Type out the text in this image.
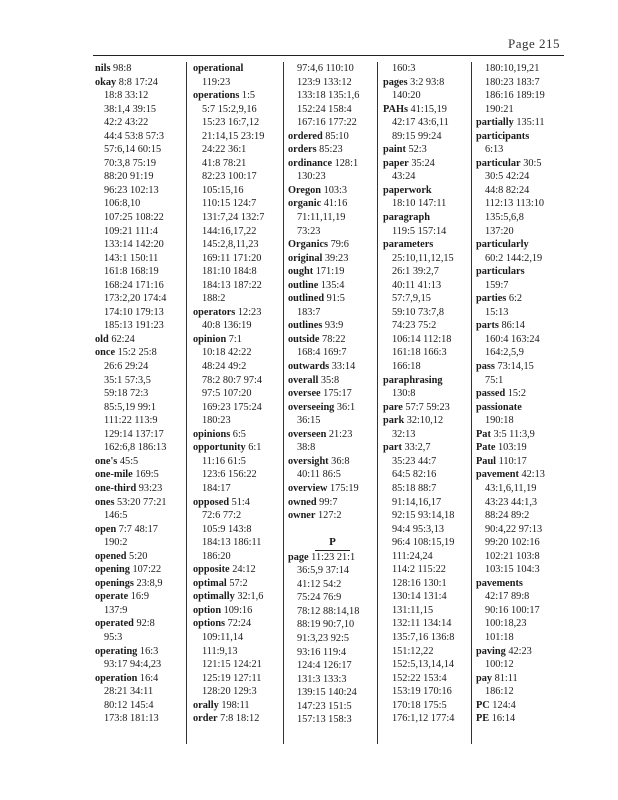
Page 215
nils 98:8
okay 8:8 17:24
18:8 33:12
38:1,4 39:15
42:2 43:22
44:4 53:8 57:3
57:6,14 60:15
70:3,8 75:19
88:20 91:19
96:23 102:13
106:8,10
107:25 108:22
109:21 111:4
133:14 142:20
143:1 150:11
161:8 168:19
168:24 171:16
173:2,20 174:4
174:10 179:13
185:13 191:23
old 62:24
once 15:2 25:8
26:6 29:24
35:1 57:3,5
59:18 72:3
85:5,19 99:1
111:22 113:9
129:14 137:17
162:6,8 186:13
one's 45:5
one-mile 169:5
one-third 93:23
ones 53:20 77:21
146:5
open 7:7 48:17
190:2
opened 5:20
opening 107:22
openings 23:8,9
operate 16:9
137:9
operated 92:8
95:3
operating 16:3
93:17 94:4,23
operation 16:4
28:21 34:11
80:12 145:4
173:8 181:13
operational
119:23
operations 1:5
5:7 15:2,9,16
15:23 16:7,12
21:14,15 23:19
24:22 36:1
41:8 78:21
82:23 100:17
105:15,16
110:15 124:7
131:7,24 132:7
144:16,17,22
145:2,8,11,23
169:11 171:20
181:10 184:8
184:13 187:22
188:2
operators 12:23
40:8 136:19
opinion 7:1
10:18 42:22
48:24 49:2
78:2 80:7 97:4
97:5 107:20
169:23 175:24
180:23
opinions 6:5
opportunity 6:1
11:16 61:5
123:6 156:22
184:17
opposed 51:4
72:6 77:2
105:9 143:8
184:13 186:11
186:20
opposite 24:12
optimal 57:2
optimally 32:1,6
option 109:16
options 72:24
109:11,14
111:9,13
121:15 124:21
125:19 127:11
128:20 129:3
orally 198:11
order 7:8 18:12
97:4,6 110:10
123:9 133:12
133:18 135:1,6
152:24 158:4
167:16 177:22
ordered 85:10
orders 85:23
ordinance 128:1
130:23
Oregon 103:3
organic 41:16
71:11,11,19
73:23
Organics 79:6
original 39:23
ought 171:19
outline 135:4
outlined 91:5
183:7
outlines 93:9
outside 78:22
168:4 169:7
outwards 33:14
overall 35:8
oversee 175:17
overseeing 36:1
36:15
overseen 21:23
38:8
oversight 36:8
40:11 86:5
overview 175:19
owned 99:7
owner 127:2

P
page 11:23 21:1
36:5,9 37:14
41:12 54:2
75:24 76:9
78:12 88:14,18
88:19 90:7,10
91:3,23 92:5
93:16 119:4
124:4 126:17
131:3 133:3
139:15 140:24
147:23 151:5
157:13 158:3
160:3
pages 3:2 93:8
140:20
PAHs 41:15,19
42:17 43:6,11
89:15 99:24
paint 52:3
paper 35:24
43:24
paperwork
18:10 147:11
paragraph
119:5 157:14
parameters
25:10,11,12,15
26:1 39:2,7
40:11 41:13
57:7,9,15
59:10 73:7,8
74:23 75:2
106:14 112:18
161:18 166:3
166:18
paraphrasing
130:8
pare 57:7 59:23
park 32:10,12
32:13
part 33:2,7
35:23 44:7
64:5 82:16
85:18 88:7
91:14,16,17
92:15 93:14,18
94:4 95:3,13
96:4 108:15,19
111:24,24
114:2 115:22
128:16 130:1
130:14 131:4
131:11,15
132:11 134:14
135:7,16 136:8
151:12,22
152:5,13,14,14
152:22 153:4
153:19 170:16
170:18 175:5
176:1,12 177:4
180:10,19,21
180:23 183:7
186:16 189:19
190:21
partially 135:11
participants
6:13
particular 30:5
30:5 42:24
44:8 82:24
112:13 113:10
135:5,6,8
137:20
particularly
60:2 144:2,19
particulars
159:7
parties 6:2
15:13
parts 86:14
160:4 163:24
164:2,5,9
pass 73:14,15
75:1
passed 15:2
passionate
190:18
Pat 3:5 11:3,9
Pate 103:19
Paul 110:17
pavement 42:13
43:1,6,11,19
43:23 44:1,3
88:24 89:2
90:4,22 97:13
99:20 102:16
102:21 103:8
103:15 104:3
pavements
42:17 89:8
90:16 100:17
100:18,23
101:18
paving 42:23
100:12
pay 81:11
186:12
PC 124:4
PE 16:14
